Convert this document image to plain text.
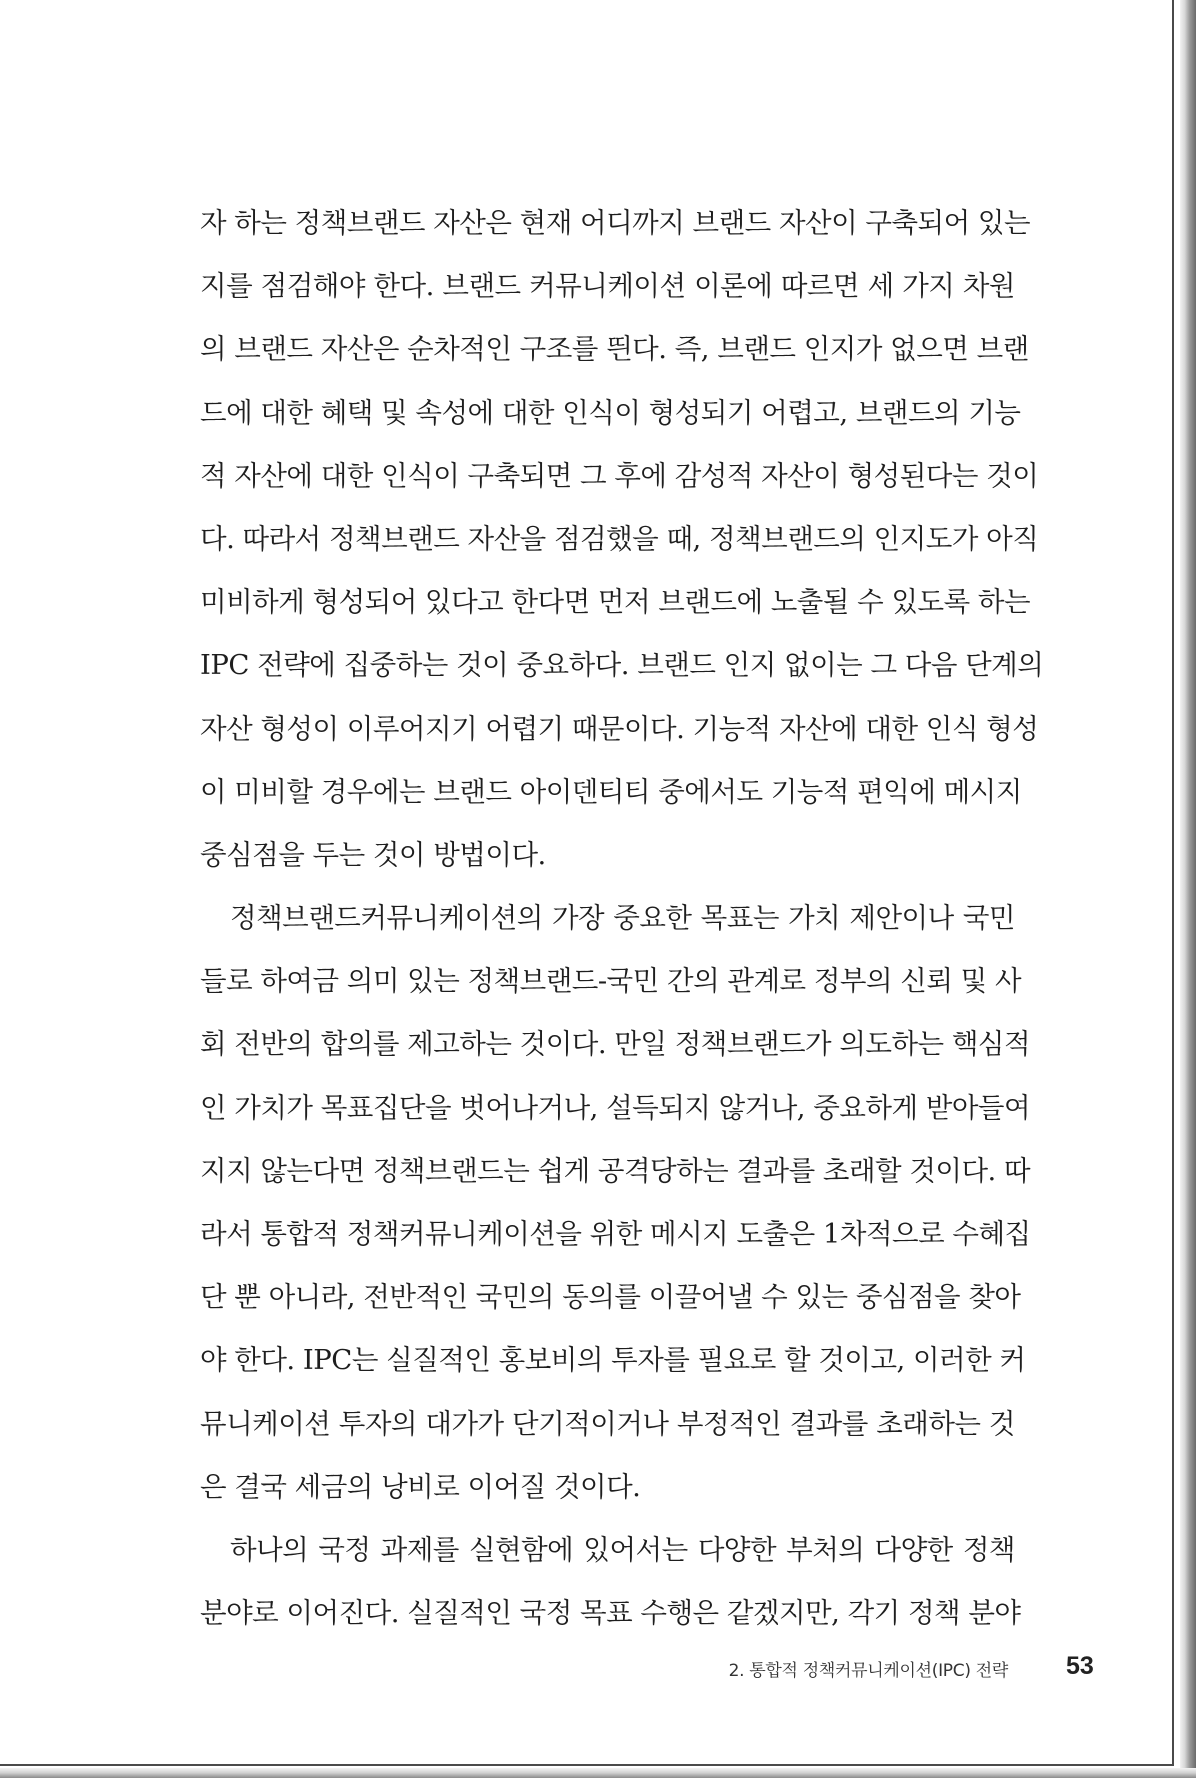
자 하는 정책브랜드 자산은 현재 어디까지 브랜드 자산이 구축되어 있는
지를 점검해야 한다. 브랜드 커뮤니케이션 이론에 따르면 세 가지 차원
의 브랜드 자산은 순차적인 구조를 띈다. 즉, 브랜드 인지가 없으면 브랜
드에 대한 혜택 및 속성에 대한 인식이 형성되기 어렵고, 브랜드의 기능
적 자산에 대한 인식이 구축되면 그 후에 감성적 자산이 형성된다는 것이
다. 따라서 정책브랜드 자산을 점검했을 때, 정책브랜드의 인지도가 아직
미비하게 형성되어 있다고 한다면 먼저 브랜드에 노출될 수 있도록 하는
IPC 전략에 집중하는 것이 중요하다. 브랜드 인지 없이는 그 다음 단계의
자산 형성이 이루어지기 어렵기 때문이다. 기능적 자산에 대한 인식 형성
이 미비할 경우에는 브랜드 아이덴티티 중에서도 기능적 편익에 메시지
중심점을 두는 것이 방법이다.
정책브랜드커뮤니케이션의 가장 중요한 목표는 가치 제안이나 국민
들로 하여금 의미 있는 정책브랜드-국민 간의 관계로 정부의 신뢰 및 사
회 전반의 합의를 제고하는 것이다. 만일 정책브랜드가 의도하는 핵심적
인 가치가 목표집단을 벗어나거나, 설득되지 않거나, 중요하게 받아들여
지지 않는다면 정책브랜드는 쉽게 공격당하는 결과를 초래할 것이다. 따
라서 통합적 정책커뮤니케이션을 위한 메시지 도출은 1차적으로 수혜집
단 뿐 아니라, 전반적인 국민의 동의를 이끌어낼 수 있는 중심점을 찾아
야 한다. IPC는 실질적인 홍보비의 투자를 필요로 할 것이고, 이러한 커
뮤니케이션 투자의 대가가 단기적이거나 부정적인 결과를 초래하는 것
은 결국 세금의 낭비로 이어질 것이다.
하나의 국정 과제를 실현함에 있어서는 다양한 부처의 다양한 정책
분야로 이어진다. 실질적인 국정 목표 수행은 같겠지만, 각기 정책 분야
2. 통합적 정책커뮤니케이션(IPC) 전략 53
